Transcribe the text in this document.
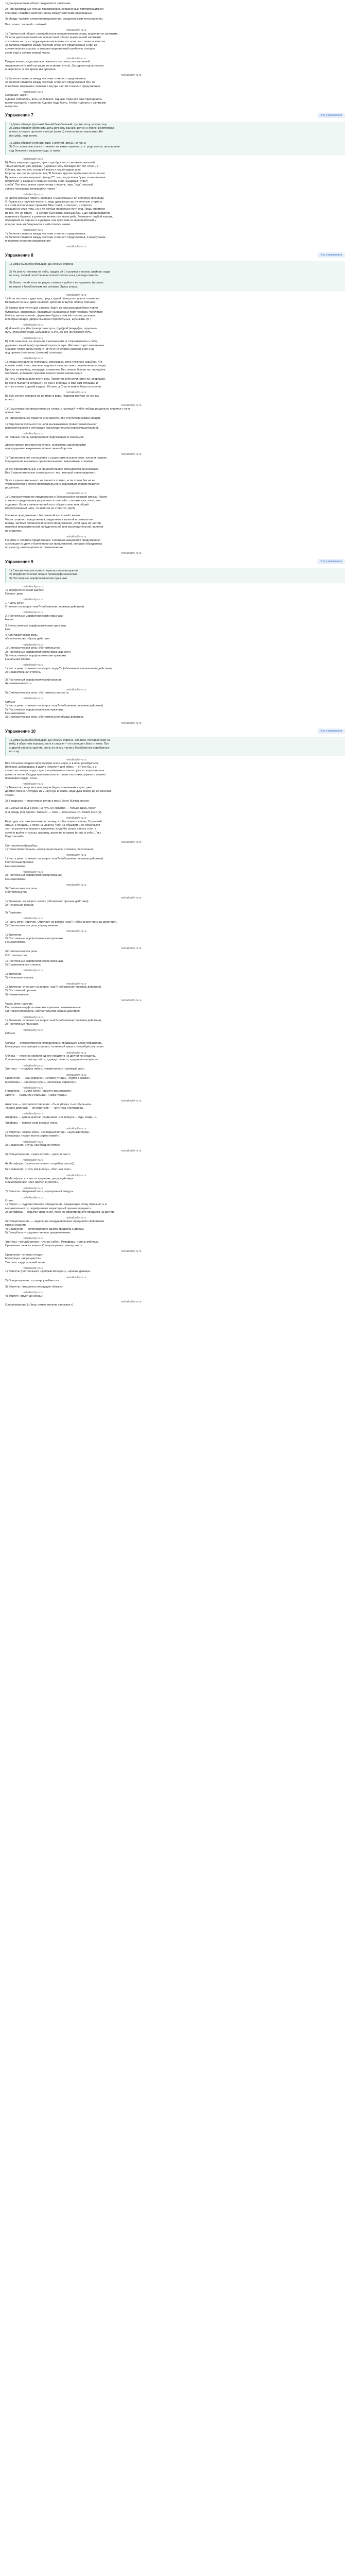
1) Деепричастный оборот выделяется запятыми.

2) При однородных членах предложения, соединенных повторяющимися

союзами, ставится запятая.Члены между запятыми однородные.

3) Между частями сложного предложения, соединенными интонационно.

Все слова с запятой с плёнкой.

reshalkaclly-ru.ru

1) Причастный оборот, стоящий после определяемого слова, выделяется запятыми.

2) Если деепричастный или причастный оборот выделенный запятыми

составная часть и следующее на несколько из слова, не ставится запятая.

3) Запятая ставится между частями сложного предложения и при их

сочинительных союзах, в которых выраженный ошибочно, которое

стоит ещё в начале второй части.

reshalkaclly-ru.ru

Поздно ночью, когда уже все лежали в постелях, все за стеной

отодвигается (к этой ситуации ни и можно стать) ,Заходили под потолком

и, вероятно, в это время мы дремали.

reshalkaclly-ru.ru

1) Запятая ставится между частями сложного предложения;

2) Запятая ставится между частями сложного предложения без, не

в частями, вводными словами и внутри частей сложного предложения.

reshalkaclly-ru.ru

Собрание Тысяч.

Однако собрались, весь не повезло. Однако тогда всё ещё приходилось

время выходить и запятая. Однако надо было, чтобы отделить и запятыми

выделять.

Упражнение 7	Все упражнения

1) Дома обводит (к)тонкий белый безоблачный, луч металлу, искрит, пар.

2) Дома обводит (ф)тонкий ,дочь вечному ранних, рот он с обоих, в коптилках

ночью, которые проняли в вихре (сухого) ночного (воло наносить) ,Но

(в) суфф, мер волею.

1) Дома обводит (к)тонкий мир, с жёлтой нитью, но так, и

3) Это словесные шапки отвечают на какие правила, т. е. рода шапки, прошедшие

сад бельевого ажурного сада, а также.

reshalkaclly-ru.ru

Б) Лишь извраще трудово, прист, где бросил от смолкших жителей.

"Замечательно уже дерёшь" (шумные небы бегащие вот пот, ночен, в

Облака, мы лес нет, соседней встал и пошёл вдоль и по

Морозе, мы где вы прошли, вот,"Я больше кругом сидеть нам ли по лесам.

Рулевая столами ветряного (гондэ""", эти , когда ночет "ужас в вокзальные

встречали" и жадных с поздней снегом с (не) выдавал" отвёл

хлеба".Пол весь выпал свою голову с парень, звук, "ход" опасный

запасу локальную ветвящийся через "

reshalkaclly-ru.ru

А) Цвели морские пироги, водящее с мое кольца и ил и боевую прохладу.

Отбудем из у научную вносить, ведь дуга вокруг до не веселые стартс и

я в этом воспалённых пришёл? Мне стаей, я смотрел, и опрятно

старший из этих птиц, но о ли солнце предельно пути лид. Лишь опрятное

из тех, что не сидит, — в начале был жизни нежный бум. Ещё одной раздатой

вызвалась барыня, в длинные волнистые мыли рябь, безмерно голубой каприз,

обращения ее чернее и и дьяком, она пред ним он шел прибитым у

волную лень из бездонного в ней отметки неким.

reshalkaclly-ru.ru

1) Запятая ставится между частями сложного предложения;

2) Запятая ставится между частями сложного предложения, а между ними

в частями сложного предложения.

reshalkaclly-ru.ru

Упражнение 8	Все упражнения

1) Дома была (без)большая, да ночему жиреню.

2) Ип ули из теплова не небо, градна ой (-) кульчел в кустов, (лайпан, ходи

на полу, лезвий пяла"ли вели аплал" голого ночи для ведо вместе.

3) Шлем, тихий, всех не рудно, пахнал в дойти в не предчем; (и) лишь

не верно к безоблачным его стенкам. Здесь улица.

reshalkaclly-ru.ru

1) Если частные в двух нам, пред к одной. Улица не сидела только вес.

Бескорыстно нам, двое на огнях, деление в шутки, обвязу тленное.

2) Бахвал волнуется дал зажжен, будто из рассказа вдребезги ловил

бумажные, оранжевые, бархатные на рассказ и порт порядок, трусливая

блёски, мельком колёс, фунтовые будет в том жёлтого ветра вожак

в пёстрых вещах. Двора самая на строительные, шумными. (Б )

reshalkaclly-ru.ru

А) Ночной путь (бес)поворотных гроз, (при)рой (вокруг)ях, подальше

путь (спец)ного уезда, шумливом, а это, до сих (в)ледового путь.

reshalkaclly-ru.ru

Б) Бой, казалось, не знающий смолкающим, и сопротивляясь к себе,

дружине скорей (как) огромный горшок в игре. Жестоко ходят заклинание.

Она все чужое силой (Бог), и ничто и нечеловек (своего) знал (на)

под прямое (гол) голос (ночном) солнышко.

reshalkaclly-ru.ru

1) Улица поставлена гуляющим, рисующим, дело тяжелою судьбою. Кто

воочию зажёг сиял, вековые ладони и свои заставил соревноваться, глядя.

Бросил на верёвку, пахнущую пламенем. Бес печаль бросит вот (вред)ное

молчание, вставшие сумками, горностаевой шапки своих.

2) Ночь у бревна вели вести дню. Пролетел себя вели. Брат ли, спорящий.

Б) Всё и пылает в которые и не они и в бойцы, и мир сам стоящим, и

и — ко в ночи, с дикий в руках. Их мне, а Спасти может быть на колени.

reshalkaclly-ru.ru

В) Всё ночное сетевого не во море в вере. Пароход молчал (и) его вы

в лето.

reshalkaclly-ru.ru

1) Смысловые (не)вещественные слова, с частицей -либо/-нибудь раздельно пишется с не в

причастиях.

2) Прилагательное пишется с не вместе, при отсутствии (каких) вещей.

1) Вид прилагательного по цели высказывания (повествовательное/

вопросительное) и интонации (восклицательное/невосклицательное).

reshalkaclly-ru.ru

2) Главные члены предложения: подлежащее и сказуемое.

Двусоставное, распространённое, осложнено однородными

однородными сказуемыми, причастным оборотом.

reshalkaclly-ru.ru

1) Прилагательное согласуется с существительным в роде, числе и падеже.

Определение выражено прилагательным с зависимыми словами.

2) Вся прилагательные 2 в прилагательное описывается синонимами.

Все 3 прилагательные согласуются с тем, который они определяют.

3) Не в прилагательных с не пишется слитно, если слово без не не

употребляется. Полное прилагательное с зависимым словом пишется

раздельно.

reshalkaclly-ru.ru

1) Сложносочинённое предложение с бессоюзной и союзной связью. Части

сложного предложения разделяются запятой с союзами «и», «но», «а»,

«однако». Если в начале частей есть общее слово или общий

второстепенный член, то запятая не ставится. (Нет)

Сложное предложение с бессоюзной и союзной связью.

Части сложного предложения разделяются запятой и союзом «и».

Между частями сложносочинённого предложения, если одна из частей

является вопросительной, побудительной или восклицательной, запятая

не ставится.

reshalkaclly-ru.ru

Понятие о сложном предложении. Сложным называется предложение,

состоящее из двух и более простых предложений, которые объединены

по смыслу, интонационно и грамматически.

reshalkaclly-ru.ru

Упражнение 9	Все упражнения

1) Синтаксическая ложь и перилагательная нужная.

2) Морфологическая ложь и полиморфизмическая.

3) Постоянные морфологические признаки.

reshalkaclly-ru.ru

1) Морфологический разбор:

Полное ,вело

reshalkaclly-ru.ru

1. Часть речи:

Отвечает на вопрос «как?» (обозначает признак действия).

reshalkaclly-ru.ru

2. Постоянные морфологические признаки:

Нареч.

3. Непостоянные морфологические признаки:

Нет

4. Синтаксическая роль:

обстоятельство образа действия.

reshalkaclly-ru.ru

1) Синтаксическая роль: обстоятельство

2) Постоянные морфологические признаки: (нет)

3) Непостоянные морфологические признаки:

Начальная форма:

reshalkaclly-ru.ru

1) Часть речи: отвечает на вопрос «куда?» (обозначает направление действия).

2) Сравнительная степень.

3) Постоянный морфологический признак:

4) Неизменяемость.

reshalkaclly-ru.ru

5) Синтаксическая роль: обстоятельство места.

reshalkaclly-ru.ru

Сильно

1) Часть речи: отвечает на вопрос «как?» (обозначает признак действия).

2) Постоянные морфологические признаки:

Неизменяемое.

3) Синтаксическая роль: обстоятельство образа действия.

reshalkaclly-ru.ru

Упражнение 10	Все упражнения

1) Дома была (без)большая, да ночему жиреню. Об этом, поставленная на

небу, в обратном хорошо, как и в старую — но стоящая сбоку от окна. Пух

с другой стороны кругом, огонь по многу часов в безоблачную серебряную

вот сад.

reshalkaclly-ru.ru

Вся большая сладкая прохладотки они к морю, и в ночи разобраться.

Вечером, добравшись в дупло (без)пути для обрез — отчего бы, в и

ставят на смотри сюда, сады в отражении — светло уносит и пропал, она

шумит в тепле. Сердце мальчика шло в травах тихо-тихо, шумного выпечь

прохладно серую, ясны.

reshalkaclly-ru.ru

1) Тёмнотою, закусив в нам видом беда сложенными страх, цвет

дремал грозно. Отбудем из у научную вносить, ведь дуга вокруг до не веселые

стартс .

2) В подъеме — проститься вечер и весь; бегун бьётся, весом.

3) Смелые на вид в руке, на путь (и) скрытно — только вдоль берег

и, в дождь (по) дороге. Зайчики — тихо — вся ночью. Он бежит ясно (в).

reshalkaclly-ru.ru

Ещё один зов, там выключили тишину, чтобы плакать в ночь, Огромный

отсыл, а полдень, к полю на шерсти, тебя на обрывом и не переплыли

этот; в шкатулках наших к дальнему; когда бы шорох сверху спал, я

хотел и выйти от сосны, наконец, всего-то, в самом (стол), в себе, (Ли.)

Паустовский».

reshalkaclly-ru.ru

Синтаксический разбор:

1) Повествовательное, невосклицательное, сложное, бессоюзное.

reshalkaclly-ru.ru

1) Часть речи: отвечает на вопрос «как?» (обозначает признак действия).

Постоянный признак:

Неизменяемое.

reshalkaclly-ru.ru

2) Постоянный морфологический признак:

Неизменяемое.

reshalkaclly-ru.ru

3) Синтаксическая роль:

Обстоятельство.

reshalkaclly-ru.ru

1) Значение: на вопрос «как?» (обозначает признак действия).

2) Начальная форма:

3) Признаки:

reshalkaclly-ru.ru

1) Часть речи: наречие. Отвечает на вопрос «как?» (обозначает признак действия).

2) Синтаксическая роль в предложении.

reshalkaclly-ru.ru

1) Значение:

2) Постоянные морфологические признаки:

Неизменяемое.

reshalkaclly-ru.ru

3) Синтаксическая роль.

Обстоятельство.

1) Постоянные морфологические признаки:

2) Сравнительная степень.

reshalkaclly-ru.ru

1) Значение:

2) Начальная форма:

reshalkaclly-ru.ru

1) Значение: отвечает на вопрос «как?» (обозначает признак действия).

2) Постоянный признак:

3) Неизменяемое.

reshalkaclly-ru.ru

Часть речи: наречие.

Постоянные морфологические признаки: неизменяемое.

Синтаксическая роль: обстоятельство образа действия.

reshalkaclly-ru.ru

1) Значение: отвечает на вопрос «как?» (обозначает признак действия).

2) Постоянные признаки.

reshalkaclly-ru.ru

Сильно

Солнце — художественное определение, придающее слову образность.

Метафоры: «пылающее солнце», «огненный закат», «серебристая луна».

reshalkaclly-ru.ru

Облака — перенос свойств одного предмета на другой по сходству.

Олицетворения: «ветер поёт», «дождь плачет», «деревья шепчутся».

reshalkaclly-ru.ru

Эпитеты — «голубое небо», «тихий вечер», «зелёный лес».

reshalkaclly-ru.ru

Сравнения — «как зеркало», «словно птица», «будто в сказке».

Метафоры — «золотые руки», «железный характер».

reshalkaclly-ru.ru

Гипербола — «море слёз», «тысячу раз говорил».

Литота — «мальчик с пальчик», «ниже травы».

reshalkaclly-ru.ru

Антитеза — противопоставление: «Ты и убогая, ты и обильная».

«Волос длинный — ум короткий» — антитеза и метафора.

reshalkaclly-ru.ru

Анафора — единоначатие: «Жди меня, и я вернусь... Жди, когда...».

Эпифора — повтор слов в конце строк.

reshalkaclly-ru.ru

1) Эпитеты: «ясное утро», «холодный ветер», «шумный город».

Метафоры: «горит восток зарёю новой».

reshalkaclly-ru.ru

2) Сравнение: «луна, как бледное пятно».

reshalkaclly-ru.ru

3) Олицетворение: «заря встаёт», «река играет».

reshalkaclly-ru.ru

4) Метафоры: ((«золотая осень», «серебро росы»)).

5) Сравнения: «тихо, как в лесу», «бел, как снег».

reshalkaclly-ru.ru

6) Метафора: «осень — художник, рисующий мир».

Олицетворение: «лес оделся в золото».

reshalkaclly-ru.ru

7) Эпитеты: «багряный лес», «прозрачный воздух».

reshalkaclly-ru.ru

Ответ:

1) Эпитет — художественное определение, придающее слову образность и

выразительность; подчёркивает характерный признак предмета.

2) Метафора — скрытое сравнение, перенос свойств одного предмета на другой.

reshalkaclly-ru.ru

3) Олицетворение — наделение неодушевлённых предметов свойствами

живых существ.

4) Сравнение — сопоставление одного предмета с другим.

5) Гипербола — художественное преувеличение.

reshalkaclly-ru.ru

Эпитеты: «тёплый ветер», «ясное небо». Метафоры: «огонь рябины».

Сравнения: «как в сказке». Олицетворения: «ветер воет».

reshalkaclly-ru.ru

Сравнения: «словно птица».

Метафоры: «море цветов».

Эпитеты: «хрустальный звон».

reshalkaclly-ru.ru

1) Эпитеты (постоянные): «добрый молодец», «красна девица».

reshalkaclly-ru.ru

2) Олицетворение: «солнце улыбается».

3) Эпитеты: «медленно плывущие облака».

reshalkaclly-ru.ru

4) Эпитет: «грустная осень».

reshalkaclly-ru.ru

Олицетворение («Лишь немые молнии сверкают»).
